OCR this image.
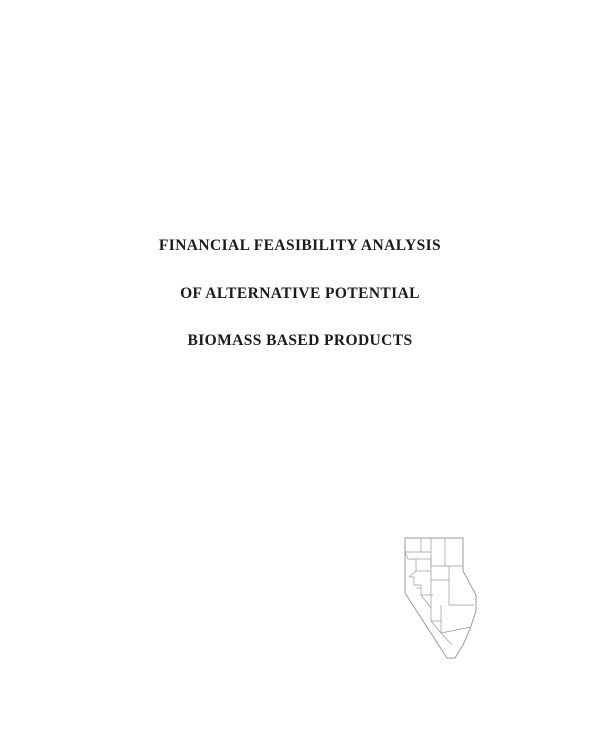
FINANCIAL FEASIBILITY ANALYSIS

OF ALTERNATIVE POTENTIAL

BIOMASS BASED PRODUCTS
